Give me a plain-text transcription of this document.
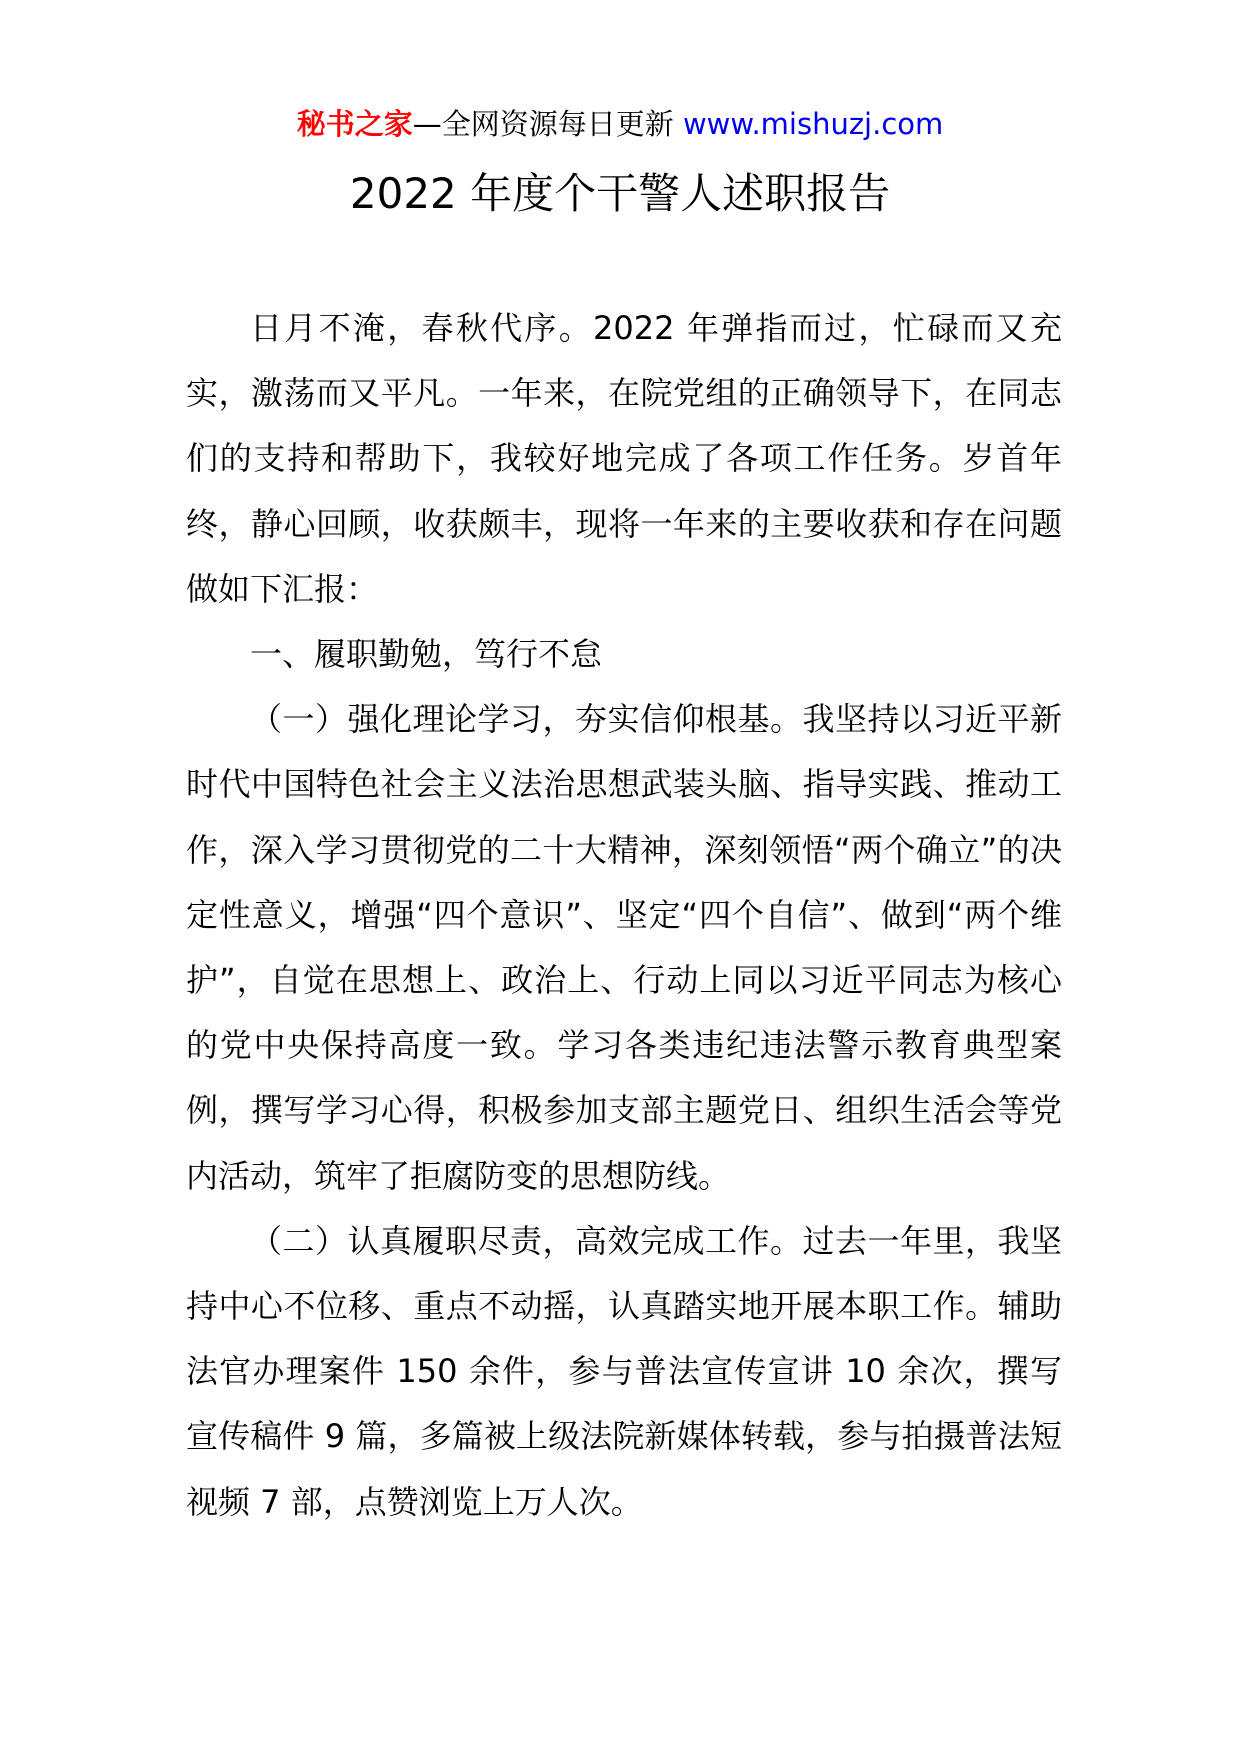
秘书之家—全网资源每日更新 www.mishuzj.com
2022 年度个干警人述职报告

日月不淹，春秋代序。2022 年弹指而过，忙碌而又充实，激荡而又平凡。一年来，在院党组的正确领导下，在同志们的支持和帮助下，我较好地完成了各项工作任务。岁首年终，静心回顾，收获颇丰，现将一年来的主要收获和存在问题做如下汇报：

一、履职勤勉，笃行不怠

（一）强化理论学习，夯实信仰根基。我坚持以习近平新时代中国特色社会主义法治思想武装头脑、指导实践、推动工作，深入学习贯彻党的二十大精神，深刻领悟“两个确立”的决定性意义，增强“四个意识”、坚定“四个自信”、做到“两个维护”，自觉在思想上、政治上、行动上同以习近平同志为核心的党中央保持高度一致。学习各类违纪违法警示教育典型案例，撰写学习心得，积极参加支部主题党日、组织生活会等党内活动，筑牢了拒腐防变的思想防线。

（二）认真履职尽责，高效完成工作。过去一年里，我坚持中心不位移、重点不动摇，认真踏实地开展本职工作。辅助法官办理案件 150 余件，参与普法宣传宣讲 10 余次，撰写宣传稿件 9 篇，多篇被上级法院新媒体转载，参与拍摄普法短视频 7 部，点赞浏览上万人次。
